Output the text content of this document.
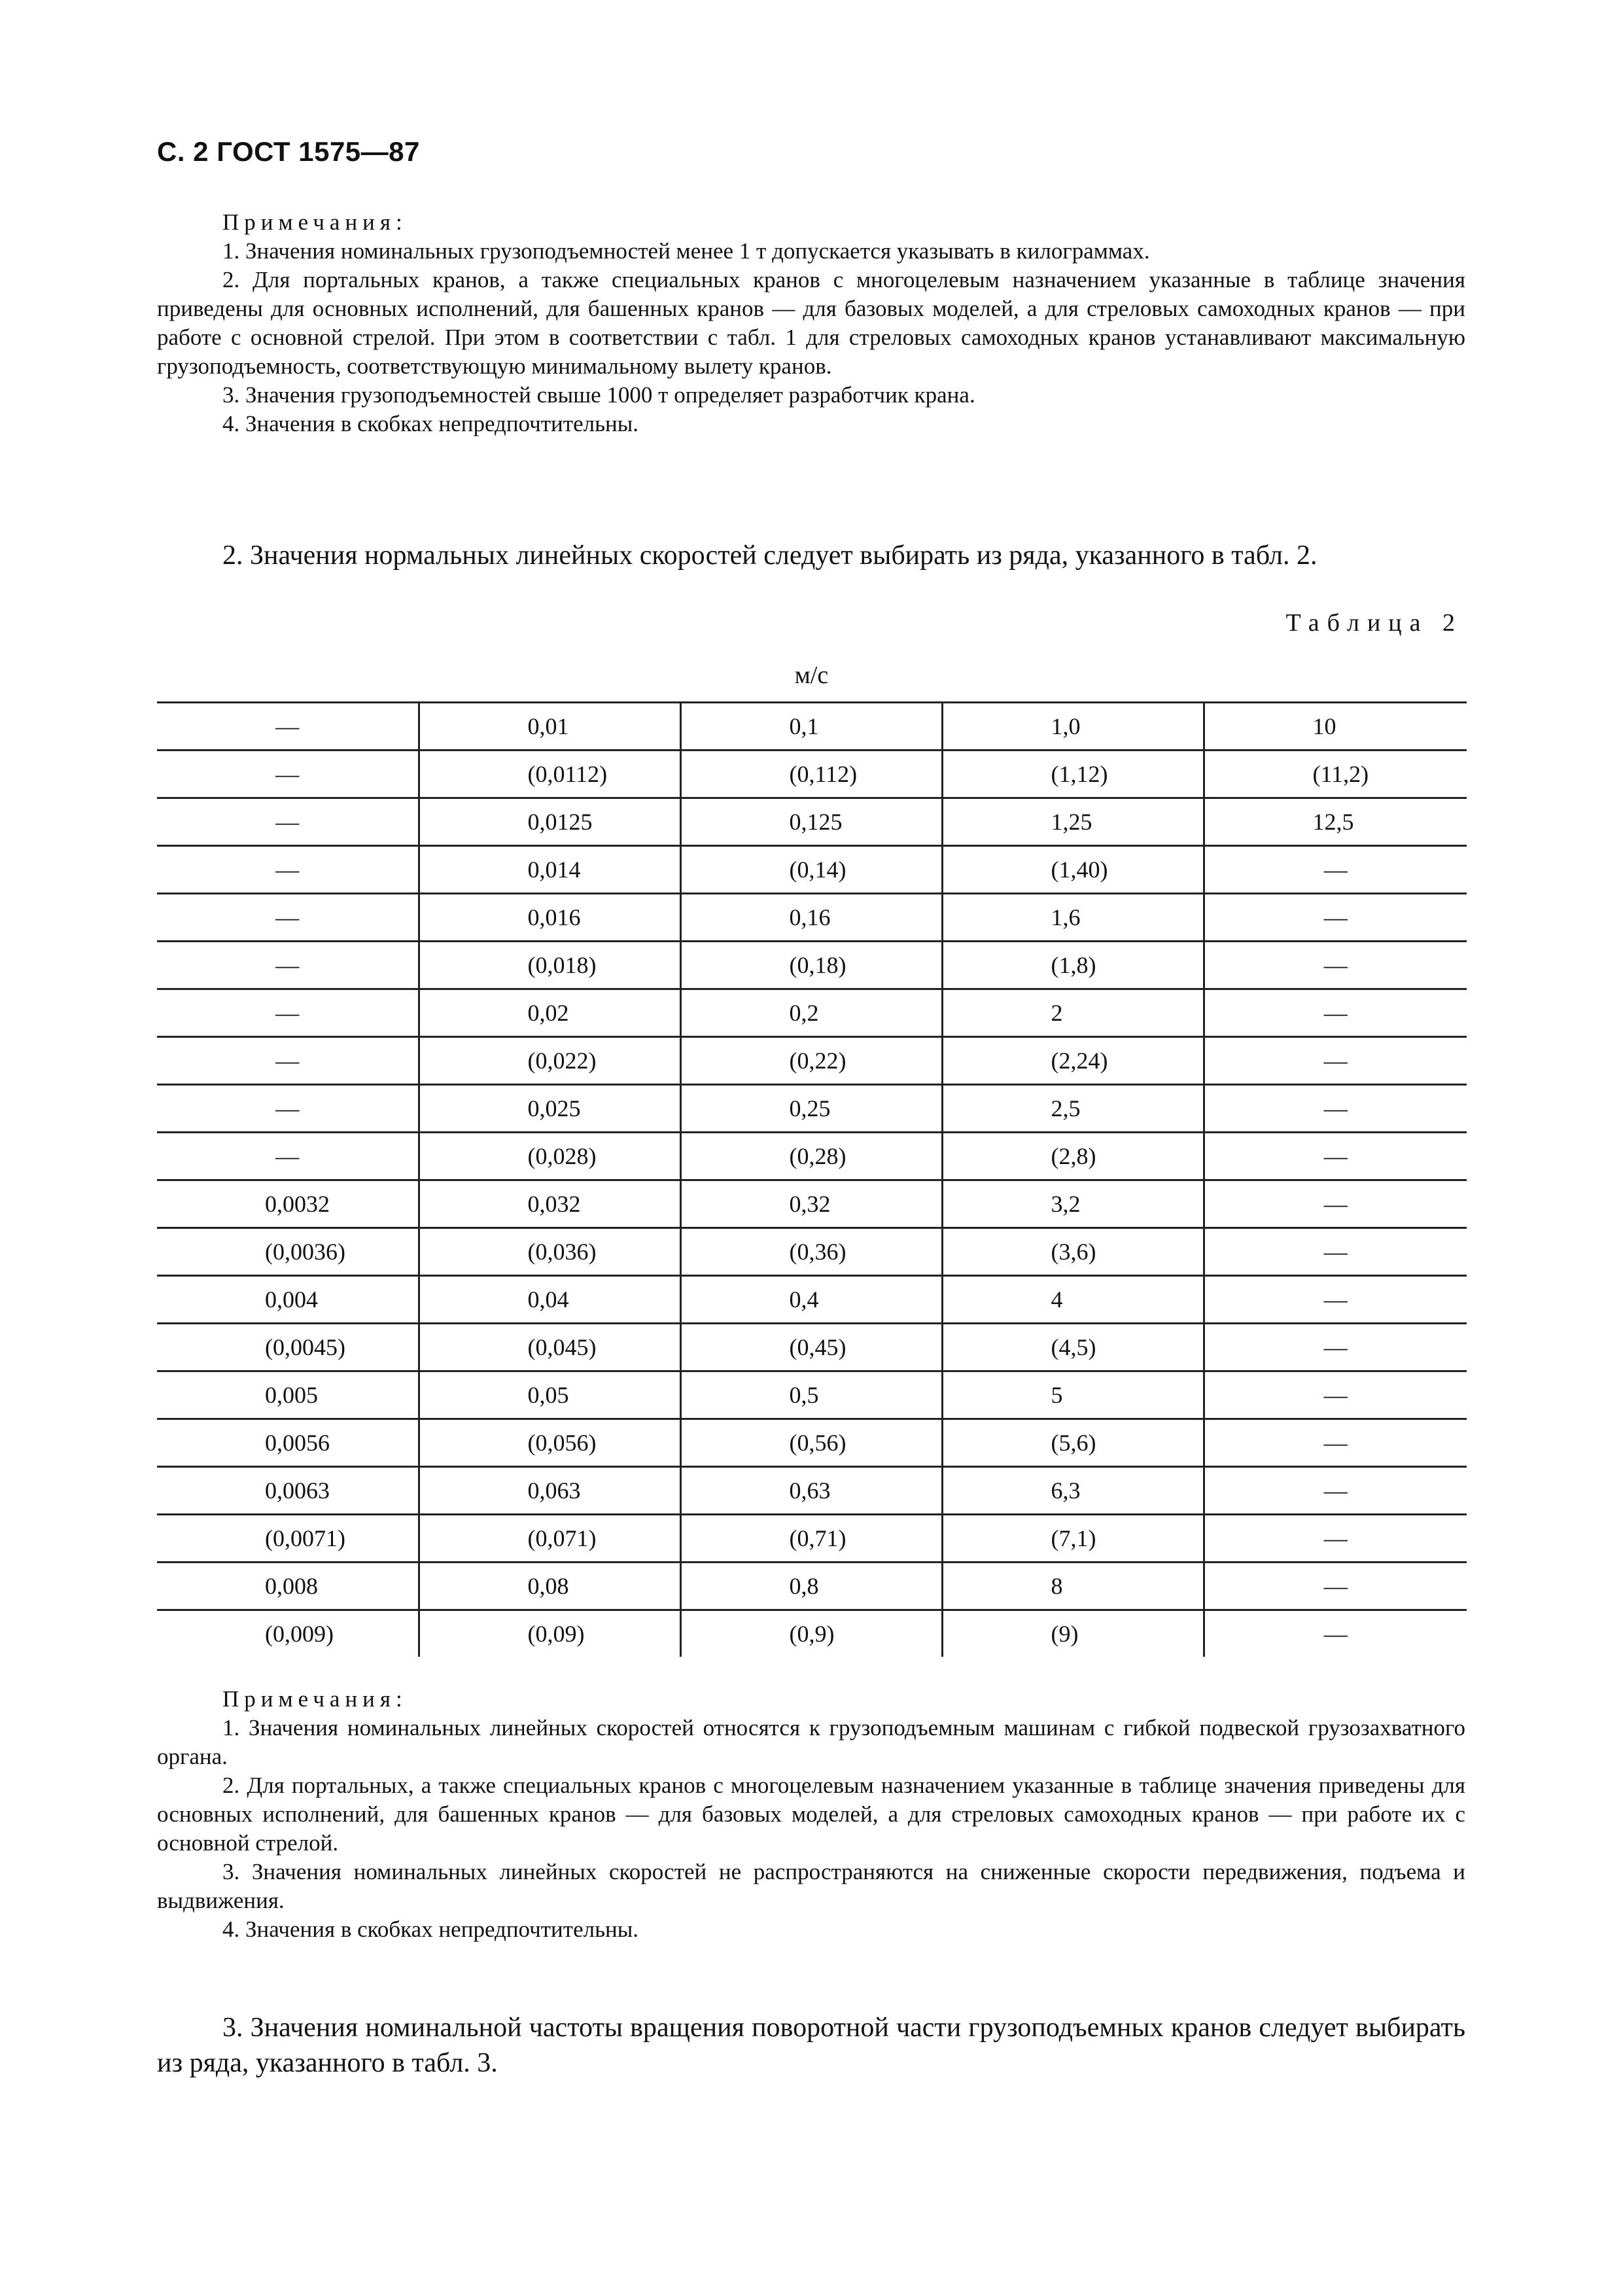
С. 2 ГОСТ 1575—87

Примечания:

1. Значения номинальных грузоподъемностей менее 1 т допускается указывать в килограммах.

2. Для портальных кранов, а также специальных кранов с многоцелевым назначением указанные в таблице значения приведены для основных исполнений, для башенных кранов — для базовых моделей, а для стреловых самоходных кранов — при работе с основной стрелой. При этом в соответствии с табл. 1 для стреловых самоходных кранов устанавливают максимальную грузоподъемность, соответствующую минимальному вылету кранов.

3. Значения грузоподъемностей свыше 1000 т определяет разработчик крана.

4. Значения в скобках непредпочтительны.

2. Значения нормальных линейных скоростей следует выбирать из ряда, указанного в табл. 2.

Таблица 2
м/с
—	0,01	0,1	1,0	10

—	(0,0112)	(0,112)	(1,12)	(11,2)

—	0,0125	0,125	1,25	12,5

—	0,014	(0,14)	(1,40)	—

—	0,016	0,16	1,6	—

—	(0,018)	(0,18)	(1,8)	—

—	0,02	0,2	2	—

—	(0,022)	(0,22)	(2,24)	—

—	0,025	0,25	2,5	—

—	(0,028)	(0,28)	(2,8)	—

0,0032	0,032	0,32	3,2	—

(0,0036)	(0,036)	(0,36)	(3,6)	—

0,004	0,04	0,4	4	—

(0,0045)	(0,045)	(0,45)	(4,5)	—

0,005	0,05	0,5	5	—

0,0056	(0,056)	(0,56)	(5,6)	—

0,0063	0,063	0,63	6,3	—

(0,0071)	(0,071)	(0,71)	(7,1)	—

0,008	0,08	0,8	8	—

(0,009)	(0,09)	(0,9)	(9)	—

Примечания:

1. Значения номинальных линейных скоростей относятся к грузоподъемным машинам с гибкой подвеской грузозахватного органа.

2. Для портальных, а также специальных кранов с многоцелевым назначением указанные в таблице значения приведены для основных исполнений, для башенных кранов — для базовых моделей, а для стреловых самоходных кранов — при работе их с основной стрелой.

3. Значения номинальных линейных скоростей не распространяются на сниженные скорости передвижения, подъема и выдвижения.

4. Значения в скобках непредпочтительны.

3. Значения номинальной частоты вращения поворотной части грузоподъемных кранов следует выбирать из ряда, указанного в табл. 3.
